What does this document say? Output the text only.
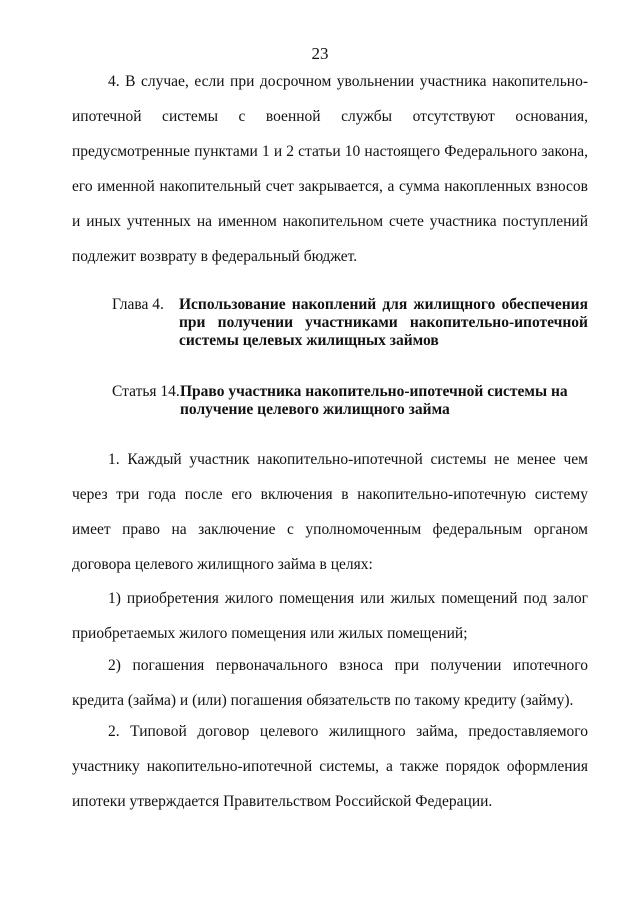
23

4. В случае, если при досрочном увольнении участника накопительно-ипотечной системы с военной службы отсутствуют основания, предусмотренные пунктами 1 и 2 статьи 10 настоящего Федерального закона, его именной накопительный счет закрывается, а сумма накопленных взносов и иных учтенных на именном накопительном счете участника поступлений подлежит возврату в федеральный бюджет.

Глава 4. Использование накоплений для жилищного обеспечения при получении участниками накопительно-ипотечной системы целевых жилищных займов
Статья 14. Право участника накопительно-ипотечной системы на получение целевого жилищного займа

1. Каждый участник накопительно-ипотечной системы не менее чем через три года после его включения в накопительно-ипотечную систему имеет право на заключение с уполномоченным федеральным органом договора целевого жилищного займа в целях:

1) приобретения жилого помещения или жилых помещений под залог приобретаемых жилого помещения или жилых помещений;

2) погашения первоначального взноса при получении ипотечного кредита (займа) и (или) погашения обязательств по такому кредиту (займу).

2. Типовой договор целевого жилищного займа, предоставляемого участнику накопительно-ипотечной системы, а также порядок оформления ипотеки утверждается Правительством Российской Федерации.
